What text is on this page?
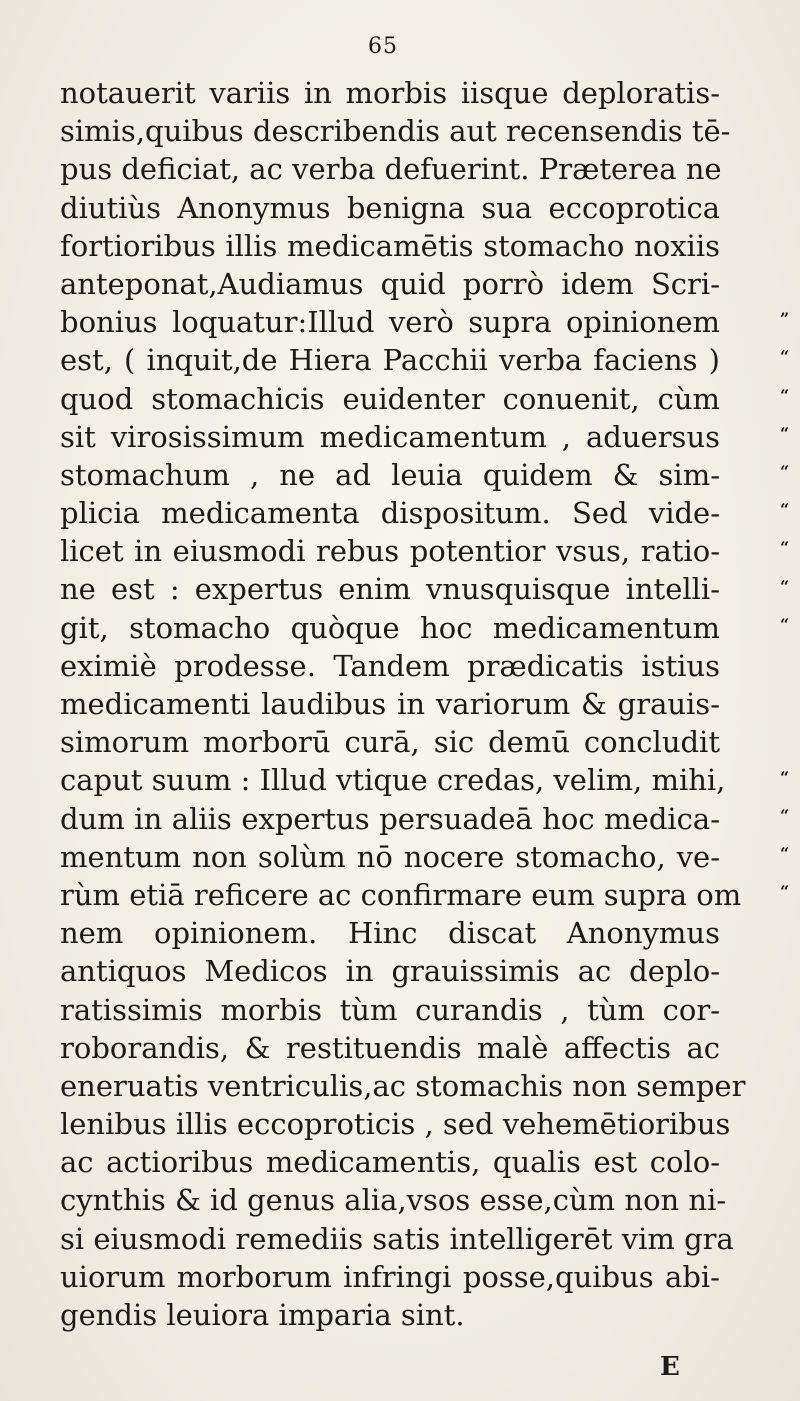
65
notauerit variis in morbis iisque deploratis-
simis,quibus describendis aut recensendis tē-
pus deficiat, ac verba defuerint. Præterea ne
diutiùs Anonymus benigna sua eccoprotica
fortioribus illis medicamētis stomacho noxiis
anteponat,Audiamus quid porrò idem Scri-
bonius loquatur:Illud verò supra opinionem
est, ( inquit,de Hiera Pacchii verba faciens )
quod stomachicis euidenter conuenit, cùm
sit virosissimum medicamentum , aduersus
stomachum , ne ad leuia quidem & sim-
plicia medicamenta dispositum. Sed vide-
licet in eiusmodi rebus potentior vsus, ratio-
ne est : expertus enim vnusquisque intelli-
git, stomacho quòque hoc medicamentum
eximiè prodesse. Tandem prædicatis istius
medicamenti laudibus in variorum & grauis-
simorum morborū curā, sic demū concludit
caput suum : Illud vtique credas, velim, mihi,
dum in aliis expertus persuadeā hoc medica-
mentum non solùm nō nocere stomacho, ve-
rùm etiā reficere ac confirmare eum supra om
nem opinionem. Hinc discat Anonymus
antiquos Medicos in grauissimis ac deplo-
ratissimis morbis tùm curandis , tùm cor-
roborandis, & restituendis malè affectis ac
eneruatis ventriculis,ac stomachis non semper
lenibus illis eccoproticis , sed vehemētioribus
ac actioribus medicamentis, qualis est colo-
cynthis & id genus alia,vsos esse,cùm non ni-
si eiusmodi remediis satis intelligerēt vim gra
uiorum morborum infringi posse,quibus abi-
gendis leuiora imparia sint.
”
“
“
“
“
“
“
“
“
“
“
“
“
E
